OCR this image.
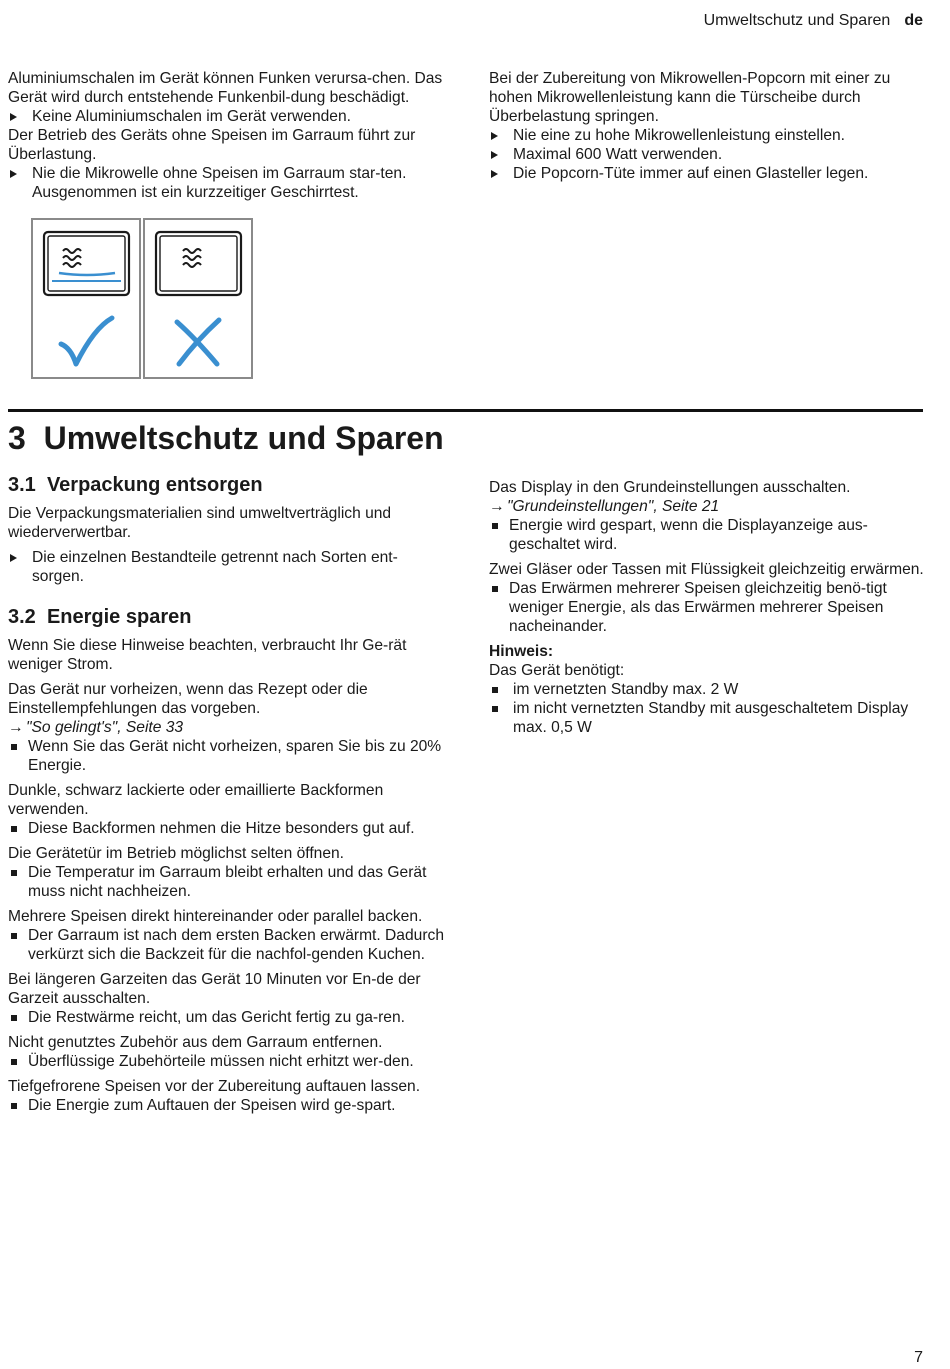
Umweltschutz und Sparen de

Aluminiumschalen im Gerät können Funken verursa-chen. Das Gerät wird durch entstehende Funkenbil-dung beschädigt.

Keine Aluminiumschalen im Gerät verwenden.

Der Betrieb des Geräts ohne Speisen im Garraum führt zur Überlastung.

Nie die Mikrowelle ohne Speisen im Garraum star-ten. Ausgenommen ist ein kurzzeitiger Geschirrtest.

Bei der Zubereitung von Mikrowellen-Popcorn mit einer zu hohen Mikrowellenleistung kann die Türscheibe durch Überbelastung springen.

Nie eine zu hohe Mikrowellenleistung einstellen.

Maximal 600 Watt verwenden.

Die Popcorn-Tüte immer auf einen Glasteller legen.

3 Umweltschutz und Sparen
3.1 Verpackung entsorgen

Die Verpackungsmaterialien sind umweltverträglich und wiederverwertbar.

Die einzelnen Bestandteile getrennt nach Sorten ent-sorgen.

3.2 Energie sparen

Wenn Sie diese Hinweise beachten, verbraucht Ihr Ge-rät weniger Strom.

Das Gerät nur vorheizen, wenn das Rezept oder die Einstellempfehlungen das vorgeben.

→ "So gelingt's", Seite 33

Wenn Sie das Gerät nicht vorheizen, sparen Sie bis zu 20% Energie.

Dunkle, schwarz lackierte oder emaillierte Backformen verwenden.

Diese Backformen nehmen die Hitze besonders gut auf.

Die Gerätetür im Betrieb möglichst selten öffnen.

Die Temperatur im Garraum bleibt erhalten und das Gerät muss nicht nachheizen.

Mehrere Speisen direkt hintereinander oder parallel backen.

Der Garraum ist nach dem ersten Backen erwärmt. Dadurch verkürzt sich die Backzeit für die nachfol-genden Kuchen.

Bei längeren Garzeiten das Gerät 10 Minuten vor En-de der Garzeit ausschalten.

Die Restwärme reicht, um das Gericht fertig zu ga-ren.

Nicht genutztes Zubehör aus dem Garraum entfernen.

Überflüssige Zubehörteile müssen nicht erhitzt wer-den.

Tiefgefrorene Speisen vor der Zubereitung auftauen lassen.

Die Energie zum Auftauen der Speisen wird ge-spart.

Das Display in den Grundeinstellungen ausschalten.

→ "Grundeinstellungen", Seite 21

Energie wird gespart, wenn die Displayanzeige aus-geschaltet wird.

Zwei Gläser oder Tassen mit Flüssigkeit gleichzeitig erwärmen.

Das Erwärmen mehrerer Speisen gleichzeitig benö-tigt weniger Energie, als das Erwärmen mehrerer Speisen nacheinander.

Hinweis:

Das Gerät benötigt:

im vernetzten Standby max. 2 W

im nicht vernetzten Standby mit ausgeschaltetem Display max. 0,5 W

7
